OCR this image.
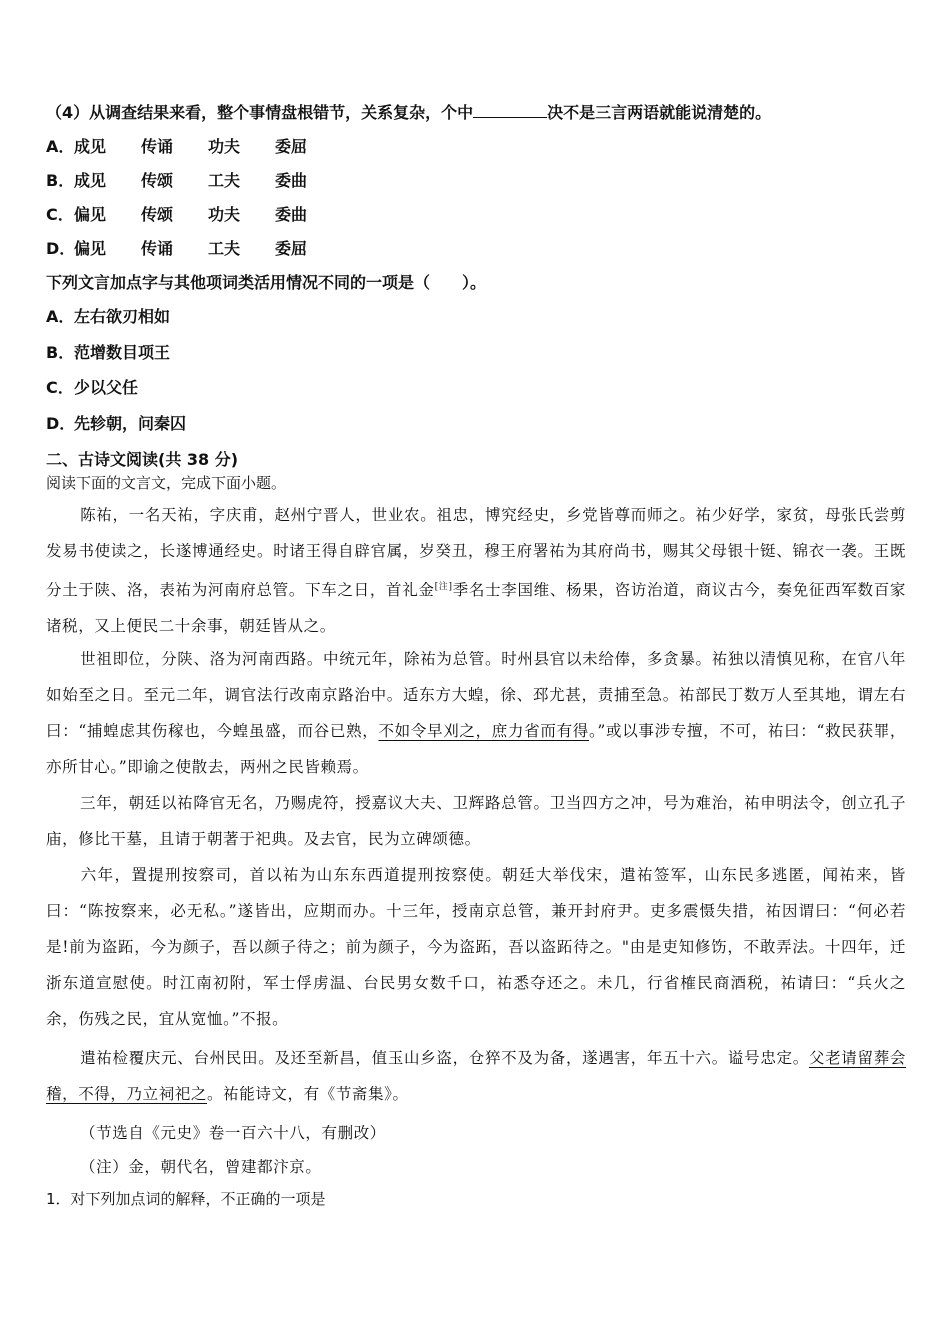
（4）从调查结果来看，整个事情盘根错节，关系复杂，个中	决不是三言两语就能说清楚的。
A．成见 传诵 功夫 委屈
B．成见 传颂 工夫 委曲
C．偏见 传颂 功夫 委曲
D．偏见 传诵 工夫 委屈
下列文言加点字与其他项词类活用情况不同的一项是（　　）。
A．左右欲刃相如
B．范增数目项王
C．少以父任
D．先轸朝，问秦囚
二、古诗文阅读(共 38 分)
阅读下面的文言文，完成下面小题。
陈祐，一名天祐，字庆甫，赵州宁晋人，世业农。祖忠，博究经史，乡党皆尊而师之。祐少好学，家贫，母张氏尝剪发易书使读之，长遂博通经史。时诸王得自辟官属，岁癸丑，穆王府署祐为其府尚书，赐其父母银十铤、锦衣一袭。王既分土于陕、洛，表祐为河南府总管。下车之日，首礼金[注]季名士李国维、杨果，咨访治道，商议古今，奏免征西军数百家诸税，又上便民二十余事，朝廷皆从之。
世祖即位，分陕、洛为河南西路。中统元年，除祐为总管。时州县官以未给俸，多贪暴。祐独以清慎见称，在官八年如始至之日。至元二年，调官法行改南京路治中。适东方大蝗，徐、邳尤甚，责捕至急。祐部民丁数万人至其地，谓左右曰：“捕蝗虑其伤稼也，今蝗虽盛，而谷已熟，不如令早刈之，庶力省而有得。”或以事涉专擅，不可，祐曰：“救民获罪，亦所甘心。”即谕之使散去，两州之民皆赖焉。
三年，朝廷以祐降官无名，乃赐虎符，授嘉议大夫、卫辉路总管。卫当四方之冲，号为难治，祐申明法令，创立孔子庙，修比干墓，且请于朝著于祀典。及去官，民为立碑颂德。
六年，置提刑按察司，首以祐为山东东西道提刑按察使。朝廷大举伐宋，遣祐签军，山东民多逃匿，闻祐来，皆曰：“陈按察来，必无私。”遂皆出，应期而办。十三年，授南京总管，兼开封府尹。吏多震慑失措，祐因谓曰：“何必若是!前为盗跖，今为颜子，吾以颜子待之；前为颜子，今为盗跖，吾以盗跖待之。"由是吏知修饬，不敢弄法。十四年，迁浙东道宣慰使。时江南初附，军士俘虏温、台民男女数千口，祐悉夺还之。未几，行省榷民商酒税，祐请曰：“兵火之余，伤残之民，宜从宽恤。”不报。
遣祐检覆庆元、台州民田。及还至新昌，值玉山乡盗，仓猝不及为备，遂遇害，年五十六。谥号忠定。父老请留葬会稽，不得，乃立祠祀之。祐能诗文，有《节斋集》。
（节选自《元史》卷一百六十八，有删改）
（注）金，朝代名，曾建都汴京。
1．对下列加点词的解释，不正确的一项是
